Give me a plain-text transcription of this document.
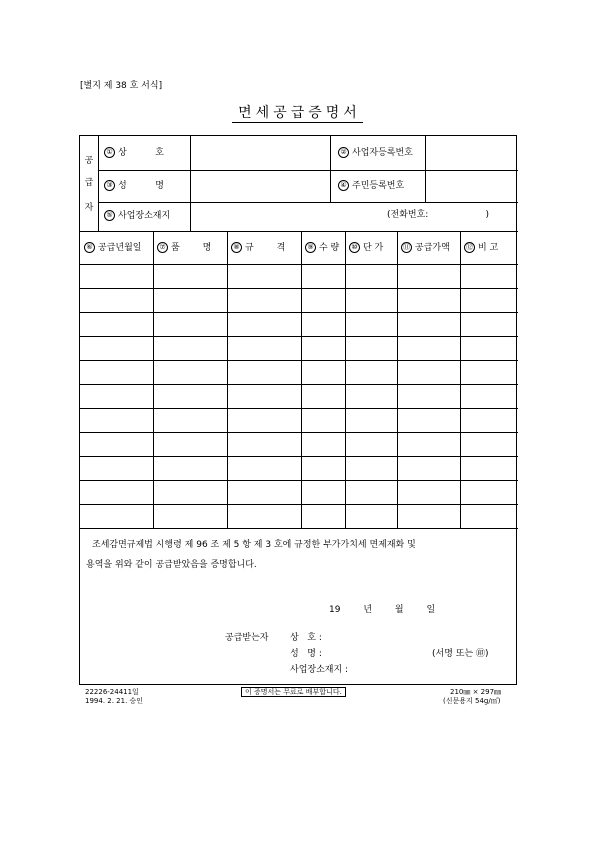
[별지 제 38 호 서식]
면세공급증명서
공
급
자
① 상          호	② 사업자등록번호
③ 성          명	④ 주민등록번호
⑤ 사업장소재지	(전화번호:                    )
⑥ 공급년월일	⑦ 품        명	⑧ 규        격	⑨ 수 량	⑩ 단 가	⑪ 공급가액 ⑫ 비 고
조세감면규제법 시행령 제 96 조 제 5 항 제 3 호에 규정한 부가가치세 면제재화 및
용역을 위와 같이 공급받았음을 증명합니다.
19        년        월        일
공급받는자 상   호 :
성   명 :	(서명 또는 ㊞)
사업장소재지 :
22226-24411일
1994. 2. 21. 승인
이 증명서는 무료로 배부합니다.	210㎜ × 297㎜
(신문용지 54g/㎡)
